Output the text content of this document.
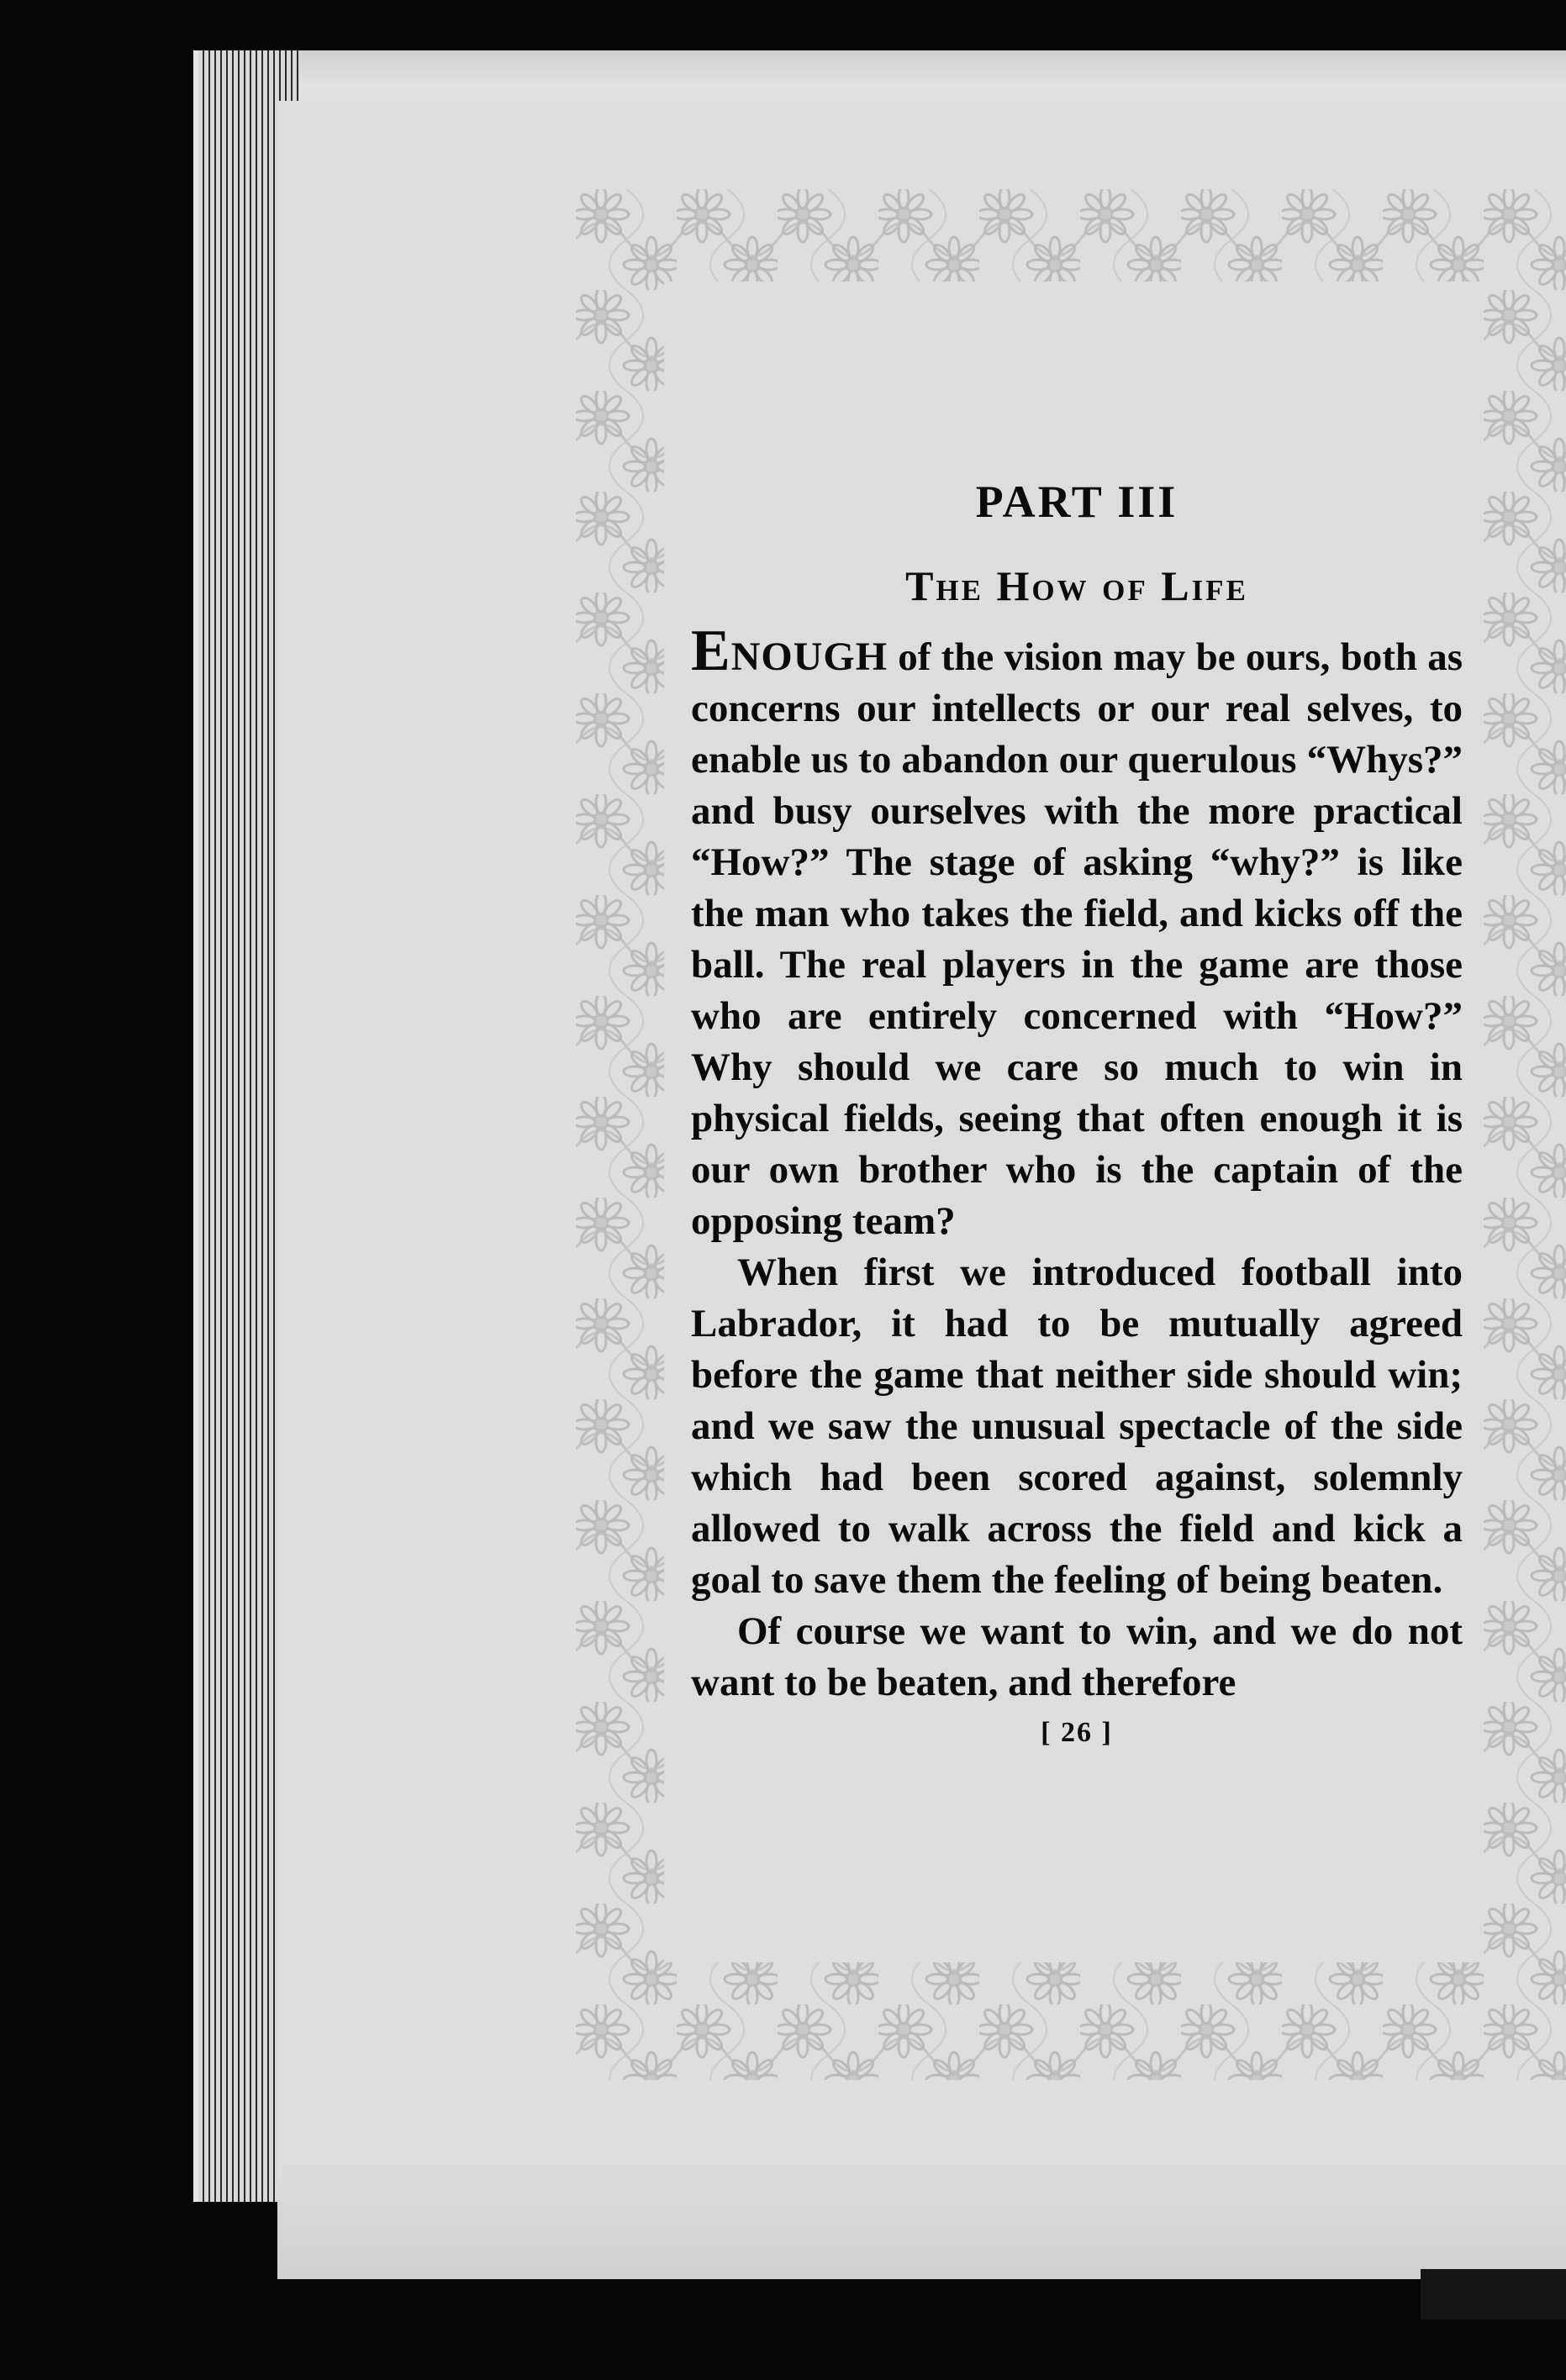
PART III
The How of Life

ENOUGH of the vision may be ours, both as concerns our intellects or our real selves, to enable us to abandon our querulous “Whys?” and busy ourselves with the more practical “How?” The stage of asking “why?” is like the man who takes the field, and kicks off the ball. The real players in the game are those who are entirely concerned with “How?” Why should we care so much to win in physical fields, seeing that often enough it is our own brother who is the captain of the opposing team?

When first we introduced football into Labrador, it had to be mutually agreed before the game that neither side should win; and we saw the unusual spectacle of the side which had been scored against, solemnly allowed to walk across the field and kick a goal to save them the feeling of being beaten.

Of course we want to win, and we do not want to be beaten, and therefore

[ 26 ]
